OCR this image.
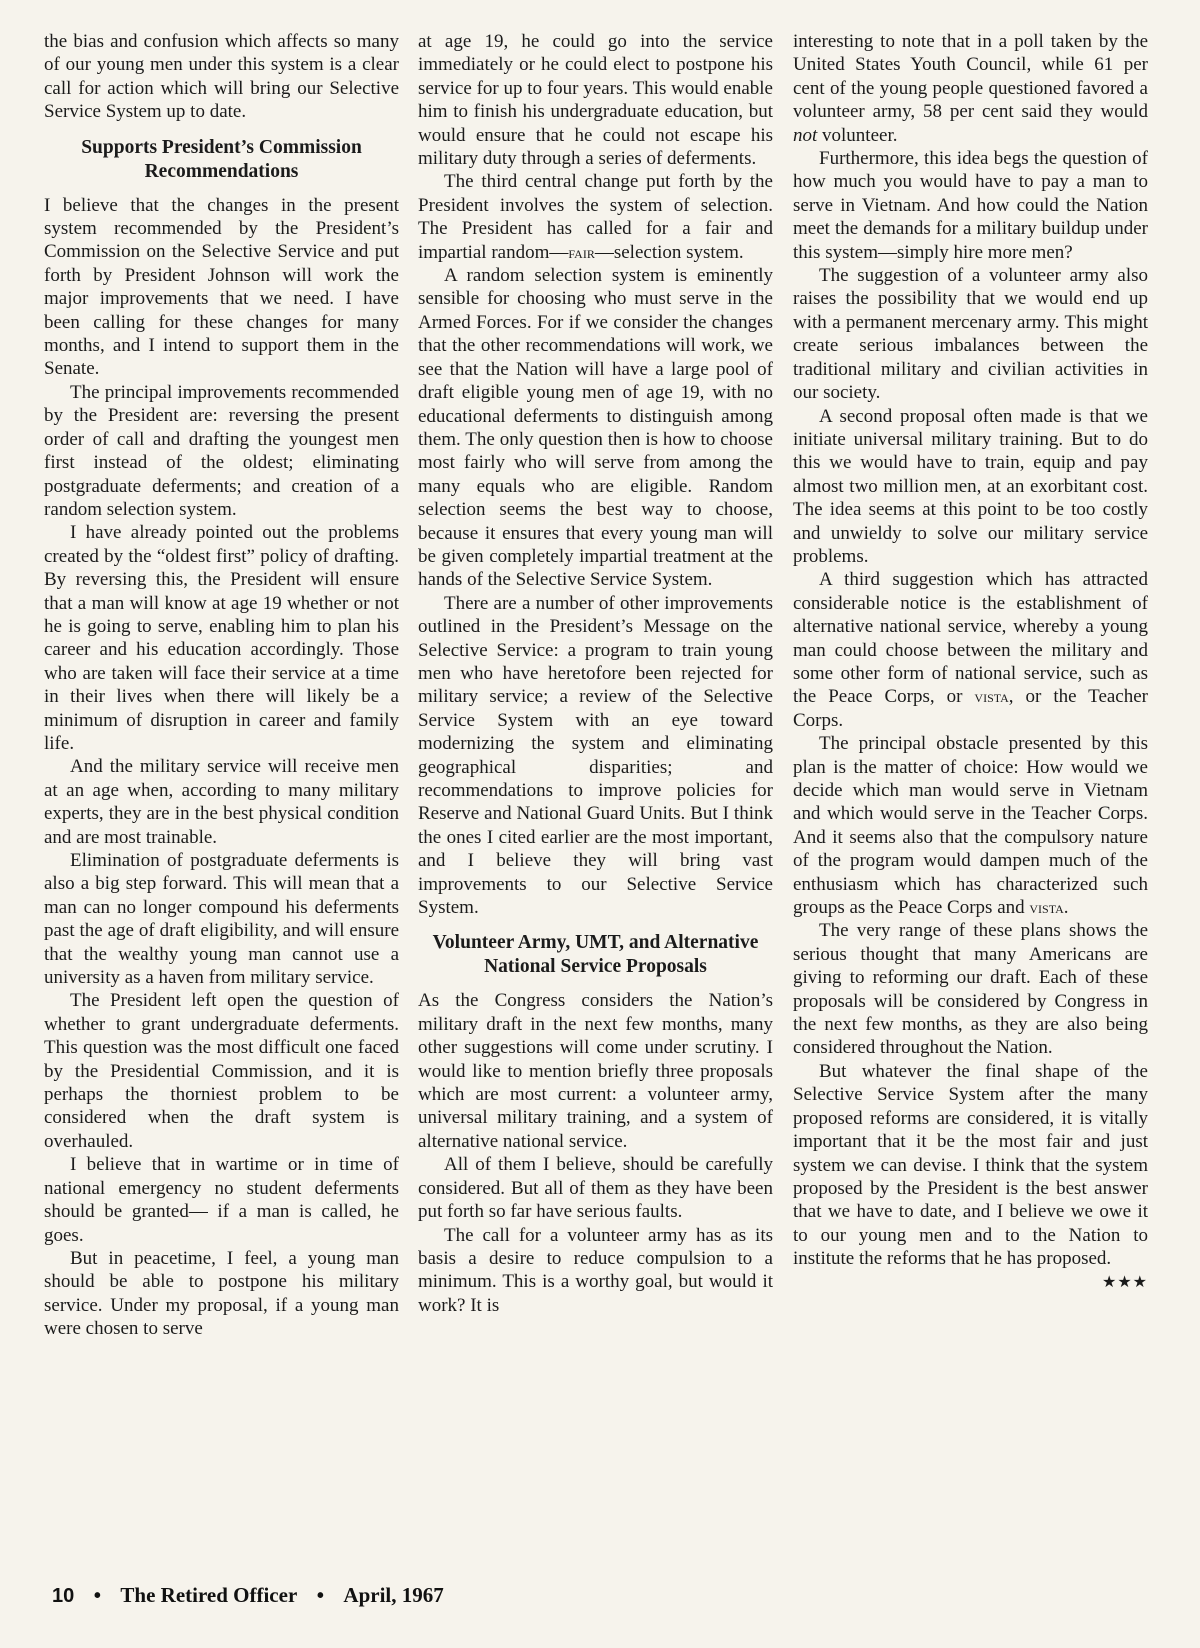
the bias and confusion which affects so many of our young men under this system is a clear call for action which will bring our Selective Service System up to date.

Supports President’s Commission Recommendations

I believe that the changes in the present system recommended by the President’s Commission on the Selective Service and put forth by President Johnson will work the major improvements that we need. I have been calling for these changes for many months, and I intend to support them in the Senate.

The principal improvements recommended by the President are: reversing the present order of call and drafting the youngest men first instead of the oldest; eliminating postgraduate deferments; and creation of a random selection system.

I have already pointed out the problems created by the “oldest first” policy of drafting. By reversing this, the President will ensure that a man will know at age 19 whether or not he is going to serve, enabling him to plan his career and his education accordingly. Those who are taken will face their service at a time in their lives when there will likely be a minimum of disruption in career and family life.

And the military service will receive men at an age when, according to many military experts, they are in the best physical condition and are most trainable.

Elimination of postgraduate deferments is also a big step forward. This will mean that a man can no longer compound his deferments past the age of draft eligibility, and will ensure that the wealthy young man cannot use a university as a haven from military service.

The President left open the question of whether to grant undergraduate deferments. This question was the most difficult one faced by the Presidential Commission, and it is perhaps the thorniest problem to be considered when the draft system is overhauled.

I believe that in wartime or in time of national emergency no student deferments should be granted— if a man is called, he goes.

But in peacetime, I feel, a young man should be able to postpone his military service. Under my proposal, if a young man were chosen to serve

at age 19, he could go into the service immediately or he could elect to postpone his service for up to four years. This would enable him to finish his undergraduate education, but would ensure that he could not escape his military duty through a series of deferments.

The third central change put forth by the President involves the system of selection. The President has called for a fair and impartial random—fair—selection system.

A random selection system is eminently sensible for choosing who must serve in the Armed Forces. For if we consider the changes that the other recommendations will work, we see that the Nation will have a large pool of draft eligible young men of age 19, with no educational deferments to distinguish among them. The only question then is how to choose most fairly who will serve from among the many equals who are eligible. Random selection seems the best way to choose, because it ensures that every young man will be given completely impartial treatment at the hands of the Selective Service System.

There are a number of other improvements outlined in the President’s Message on the Selective Service: a program to train young men who have heretofore been rejected for military service; a review of the Selective Service System with an eye toward modernizing the system and eliminating geographical disparities; and recommendations to improve policies for Reserve and National Guard Units. But I think the ones I cited earlier are the most important, and I believe they will bring vast improvements to our Selective Service System.

Volunteer Army, UMT, and Alternative National Service Proposals

As the Congress considers the Nation’s military draft in the next few months, many other suggestions will come under scrutiny. I would like to mention briefly three proposals which are most current: a volunteer army, universal military training, and a system of alternative national service.

All of them I believe, should be carefully considered. But all of them as they have been put forth so far have serious faults.

The call for a volunteer army has as its basis a desire to reduce compulsion to a minimum. This is a worthy goal, but would it work? It is

interesting to note that in a poll taken by the United States Youth Council, while 61 per cent of the young people questioned favored a volunteer army, 58 per cent said they would not volunteer.

Furthermore, this idea begs the question of how much you would have to pay a man to serve in Vietnam. And how could the Nation meet the demands for a military buildup under this system—simply hire more men?

The suggestion of a volunteer army also raises the possibility that we would end up with a permanent mercenary army. This might create serious imbalances between the traditional military and civilian activities in our society.

A second proposal often made is that we initiate universal military training. But to do this we would have to train, equip and pay almost two million men, at an exorbitant cost. The idea seems at this point to be too costly and unwieldy to solve our military service problems.

A third suggestion which has attracted considerable notice is the establishment of alternative national service, whereby a young man could choose between the military and some other form of national service, such as the Peace Corps, or vista, or the Teacher Corps.

The principal obstacle presented by this plan is the matter of choice: How would we decide which man would serve in Vietnam and which would serve in the Teacher Corps. And it seems also that the compulsory nature of the program would dampen much of the enthusiasm which has characterized such groups as the Peace Corps and vista.

The very range of these plans shows the serious thought that many Americans are giving to reforming our draft. Each of these proposals will be considered by Congress in the next few months, as they are also being considered throughout the Nation.

But whatever the final shape of the Selective Service System after the many proposed reforms are considered, it is vitally important that it be the most fair and just system we can devise. I think that the system proposed by the President is the best answer that we have to date, and I believe we owe it to our young men and to the Nation to institute the reforms that he has proposed.
★★★

10 • The Retired Officer • April, 1967
